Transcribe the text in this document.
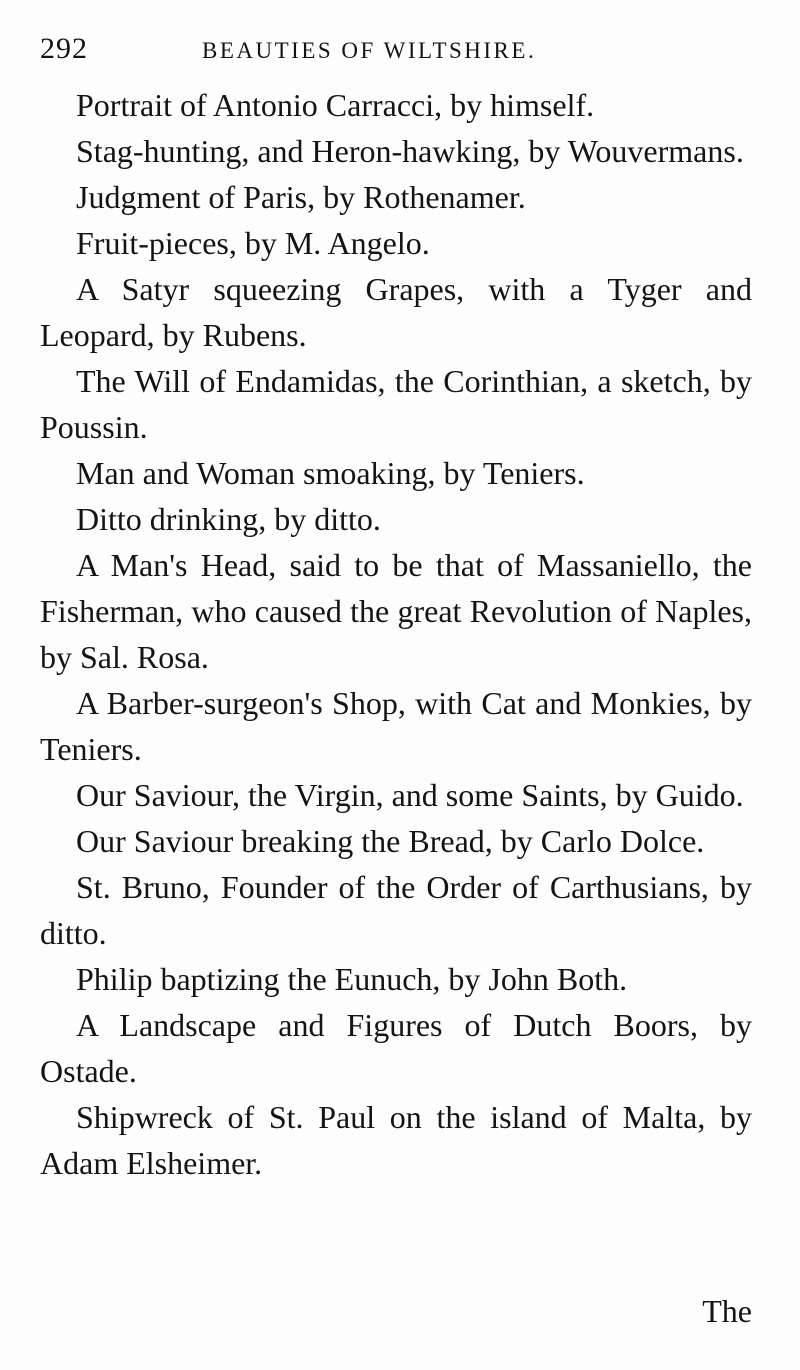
292	BEAUTIES OF WILTSHIRE.

Portrait of Antonio Carracci, by himself.

Stag-hunting, and Heron-hawking, by Wouvermans.

Judgment of Paris, by Rothenamer.

Fruit-pieces, by M. Angelo.

A Satyr squeezing Grapes, with a Tyger and Leopard, by Rubens.

The Will of Endamidas, the Corinthian, a sketch, by Poussin.

Man and Woman smoaking, by Teniers.

Ditto drinking, by ditto.

A Man's Head, said to be that of Massaniello, the Fisherman, who caused the great Revolution of Naples, by Sal. Rosa.

A Barber-surgeon's Shop, with Cat and Monkies, by Teniers.

Our Saviour, the Virgin, and some Saints, by Guido.

Our Saviour breaking the Bread, by Carlo Dolce.

St. Bruno, Founder of the Order of Carthusians, by ditto.

Philip baptizing the Eunuch, by John Both.

A Landscape and Figures of Dutch Boors, by Ostade.

Shipwreck of St. Paul on the island of Malta, by Adam Elsheimer.

The
